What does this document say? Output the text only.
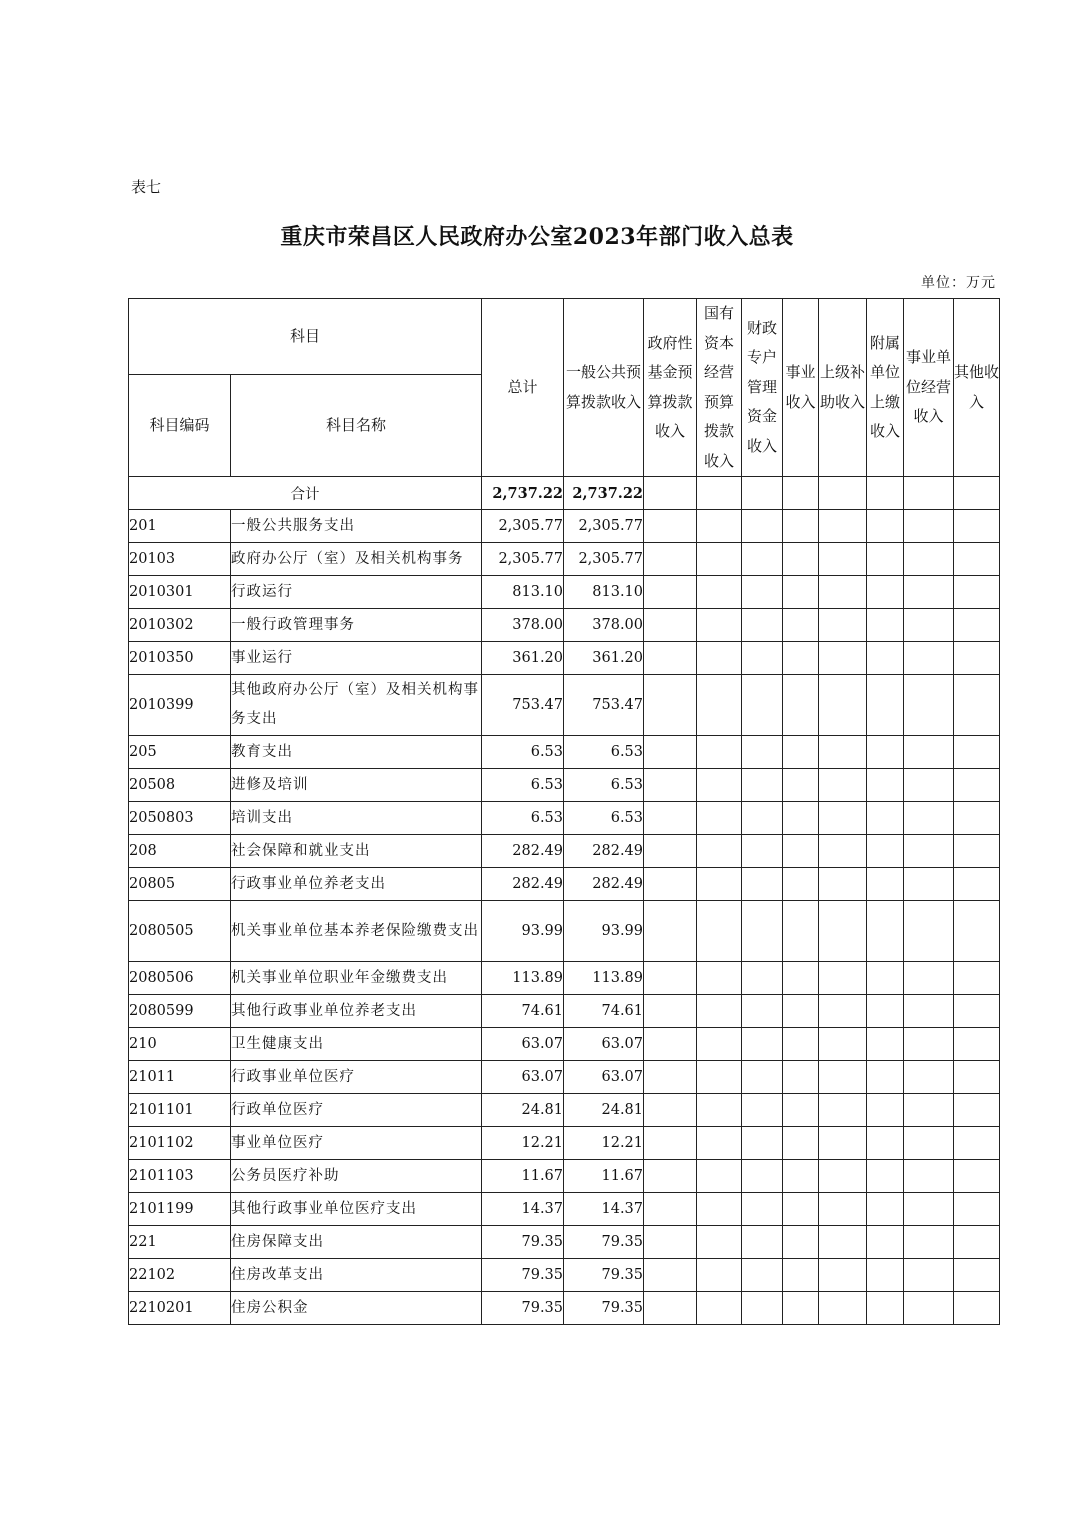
表七
重庆市荣昌区人民政府办公室2023年部门收入总表
单位：万元
科目		总计	一般公共预算拨款收入	政府性基金预算拨款收入	国有资本经营预算拨款收入	财政专户管理资金收入	事业收入	上级补助收入	附属单位上缴收入	事业单位经营收入	其他收入
科目编码	科目名称										
合计		2,737.22	2,737.22								
201	一般公共服务支出	2,305.77	2,305.77								
20103	政府办公厅（室）及相关机构事务	2,305.77	2,305.77								
2010301	行政运行	813.10	813.10								
2010302	一般行政管理事务	378.00	378.00								
2010350	事业运行	361.20	361.20								
2010399	其他政府办公厅（室）及相关机构事务支出	753.47	753.47								
205	教育支出	6.53	6.53								
20508	进修及培训	6.53	6.53								
2050803	培训支出	6.53	6.53								
208	社会保障和就业支出	282.49	282.49								
20805	行政事业单位养老支出	282.49	282.49								
2080505	机关事业单位基本养老保险缴费支出	93.99	93.99								
2080506	机关事业单位职业年金缴费支出	113.89	113.89								
2080599	其他行政事业单位养老支出	74.61	74.61								
210	卫生健康支出	63.07	63.07								
21011	行政事业单位医疗	63.07	63.07								
2101101	行政单位医疗	24.81	24.81								
2101102	事业单位医疗	12.21	12.21								
2101103	公务员医疗补助	11.67	11.67								
2101199	其他行政事业单位医疗支出	14.37	14.37								
221	住房保障支出	79.35	79.35								
22102	住房改革支出	79.35	79.35								
2210201	住房公积金	79.35	79.35								
